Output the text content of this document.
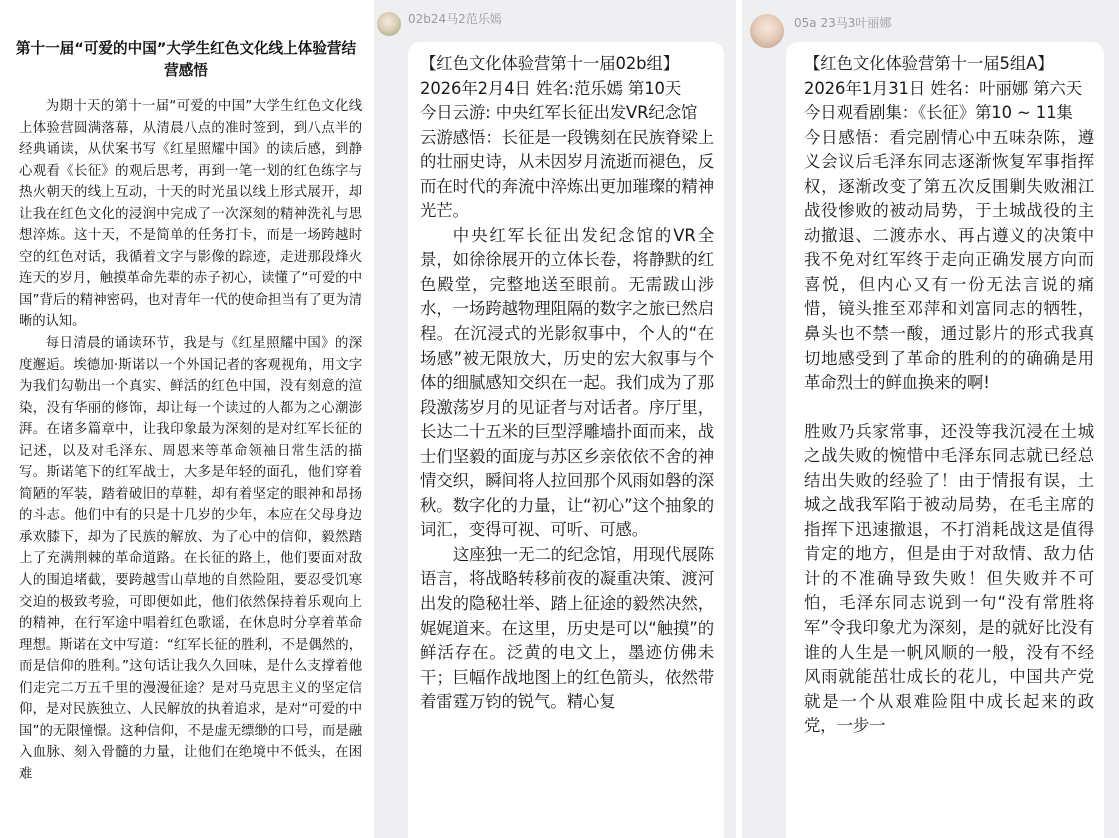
第十一届“可爱的中国”大学生红色文化线上体验营结营感悟

为期十天的第十一届“可爱的中国”大学生红色文化线上体验营圆满落幕，从清晨八点的准时签到，到八点半的经典诵读，从伏案书写《红星照耀中国》的读后感，到静心观看《长征》的观后思考，再到一笔一划的红色练字与热火朝天的线上互动，十天的时光虽以线上形式展开，却让我在红色文化的浸润中完成了一次深刻的精神洗礼与思想淬炼。这十天，不是简单的任务打卡，而是一场跨越时空的红色对话，我循着文字与影像的踪迹，走进那段烽火连天的岁月，触摸革命先辈的赤子初心，读懂了“可爱的中国”背后的精神密码，也对青年一代的使命担当有了更为清晰的认知。

每日清晨的诵读环节，我是与《红星照耀中国》的深度邂逅。埃德加·斯诺以一个外国记者的客观视角，用文字为我们勾勒出一个真实、鲜活的红色中国，没有刻意的渲染，没有华丽的修饰，却让每一个读过的人都为之心潮澎湃。在诸多篇章中，让我印象最为深刻的是对红军长征的记述，以及对毛泽东、周恩来等革命领袖日常生活的描写。斯诺笔下的红军战士，大多是年轻的面孔，他们穿着简陋的军装，踏着破旧的草鞋，却有着坚定的眼神和昂扬的斗志。他们中有的只是十几岁的少年，本应在父母身边承欢膝下，却为了民族的解放、为了心中的信仰，毅然踏上了充满荆棘的革命道路。在长征的路上，他们要面对敌人的围追堵截，要跨越雪山草地的自然险阻，要忍受饥寒交迫的极致考验，可即便如此，他们依然保持着乐观向上的精神，在行军途中唱着红色歌谣，在休息时分享着革命理想。斯诺在文中写道：“红军长征的胜利，不是偶然的，而是信仰的胜利。”这句话让我久久回味，是什么支撑着他们走完二万五千里的漫漫征途？是对马克思主义的坚定信仰，是对民族独立、人民解放的执着追求，是对“可爱的中国”的无限憧憬。这种信仰，不是虚无缥缈的口号，而是融入血脉、刻入骨髓的力量，让他们在绝境中不低头，在困难

02b24马2范乐嫣

【红色文化体验营第十一届02b组】

2026年2月4日 姓名:范乐嫣 第10天

今日云游: 中央红军长征出发VR纪念馆

云游感悟：长征是一段镌刻在民族脊梁上的壮丽史诗，从未因岁月流逝而褪色，反而在时代的奔流中淬炼出更加璀璨的精神光芒。

中央红军长征出发纪念馆的VR全景，如徐徐展开的立体长卷，将静默的红色殿堂，完整地送至眼前。无需跋山涉水，一场跨越物理阻隔的数字之旅已然启程。在沉浸式的光影叙事中，个人的“在场感”被无限放大，历史的宏大叙事与个体的细腻感知交织在一起。我们成为了那段激荡岁月的见证者与对话者。序厅里，长达二十五米的巨型浮雕墙扑面而来，战士们坚毅的面庞与苏区乡亲依依不舍的神情交织，瞬间将人拉回那个风雨如磐的深秋。数字化的力量，让“初心”这个抽象的词汇，变得可视、可听、可感。

这座独一无二的纪念馆，用现代展陈语言，将战略转移前夜的凝重决策、渡河出发的隐秘壮举、踏上征途的毅然决然，娓娓道来。在这里，历史是可以“触摸”的鲜活存在。泛黄的电文上，墨迹仿佛未干；巨幅作战地图上的红色箭头，依然带着雷霆万钧的锐气。精心复

05a 23马3叶丽娜

【红色文化体验营第十一届5组A】

2026年1月31日 姓名：叶丽娜 第六天

今日观看剧集：《长征》第10 ~ 11集

今日感悟：看完剧情心中五味杂陈，遵义会议后毛泽东同志逐渐恢复军事指挥权，逐渐改变了第五次反围剿失败湘江战役惨败的被动局势，于土城战役的主动撤退、二渡赤水、再占遵义的决策中我不免对红军终于走向正确发展方向而喜悦，但内心又有一份无法言说的痛惜，镜头推至邓萍和刘富同志的牺牲，鼻头也不禁一酸，通过影片的形式我真切地感受到了革命的胜利的的确确是用革命烈士的鲜血换来的啊!

胜败乃兵家常事，还没等我沉浸在土城之战失败的惋惜中毛泽东同志就已经总结出失败的经验了！由于情报有误，土城之战我军陷于被动局势，在毛主席的指挥下迅速撤退，不打消耗战这是值得肯定的地方，但是由于对敌情、敌力估计的不准确导致失败！但失败并不可怕，毛泽东同志说到一句“没有常胜将军”令我印象尤为深刻，是的就好比没有谁的人生是一帆风顺的一般，没有不经风雨就能茁壮成长的花儿，中国共产党就是一个从艰难险阻中成长起来的政党，一步一
